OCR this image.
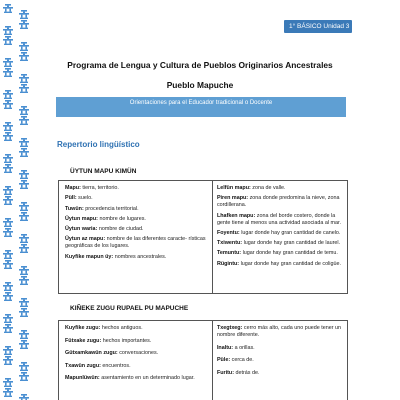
1° BÁSICO Unidad 3
Programa de Lengua y Cultura de Pueblos Originarios Ancestrales
Pueblo Mapuche
Orientaciones para el Educador tradicional o Docente
Repertorio lingüístico
ÜYTUN MAPU KIMÜN
Mapu: tierra, territorio.
Püll: suelo.
Tuwün: procedencia territorial.
Üytun mapu: nombre de lugares.
Üytun waria: nombre de ciudad.
Üytun az mapu: nombre de las diferentes caracte- rísticas geográficas de los lugares.
Kuyfike mapun üy: nombres ancestrales.
Lelfün mapu: zona de valle.
Piren mapu: zona donde predomina la nieve, zona cordillerana.
Lhafken mapu: zona del borde costero, donde la gente tiene al menos una actividad asociada al mar.
Foyentu: lugar donde hay gran cantidad de canelo.
Txiwentu: lugar donde hay gran cantidad de laurel.
Temuntu: lugar donde hay gran cantidad de temu.
Rügintu: lugar donde hay gran cantidad de coligüe.
KIÑEKE ZUGU RUPAEL PU MAPUCHE
Kuyfike zugu: hechos antiguos.
Fütxake zugu: hechos importantes.
Gütxamkawün zugu: conversaciones.
Txawün zugu: encuentros.
Mapunlüwün: asentamiento en un determinado lugar.
Txegtxeg: cerro más alto, cada uno puede tener un nombre diferente.
Inaltu: a orillas.
Püle: cerca de.
Furitu: detrás de.
